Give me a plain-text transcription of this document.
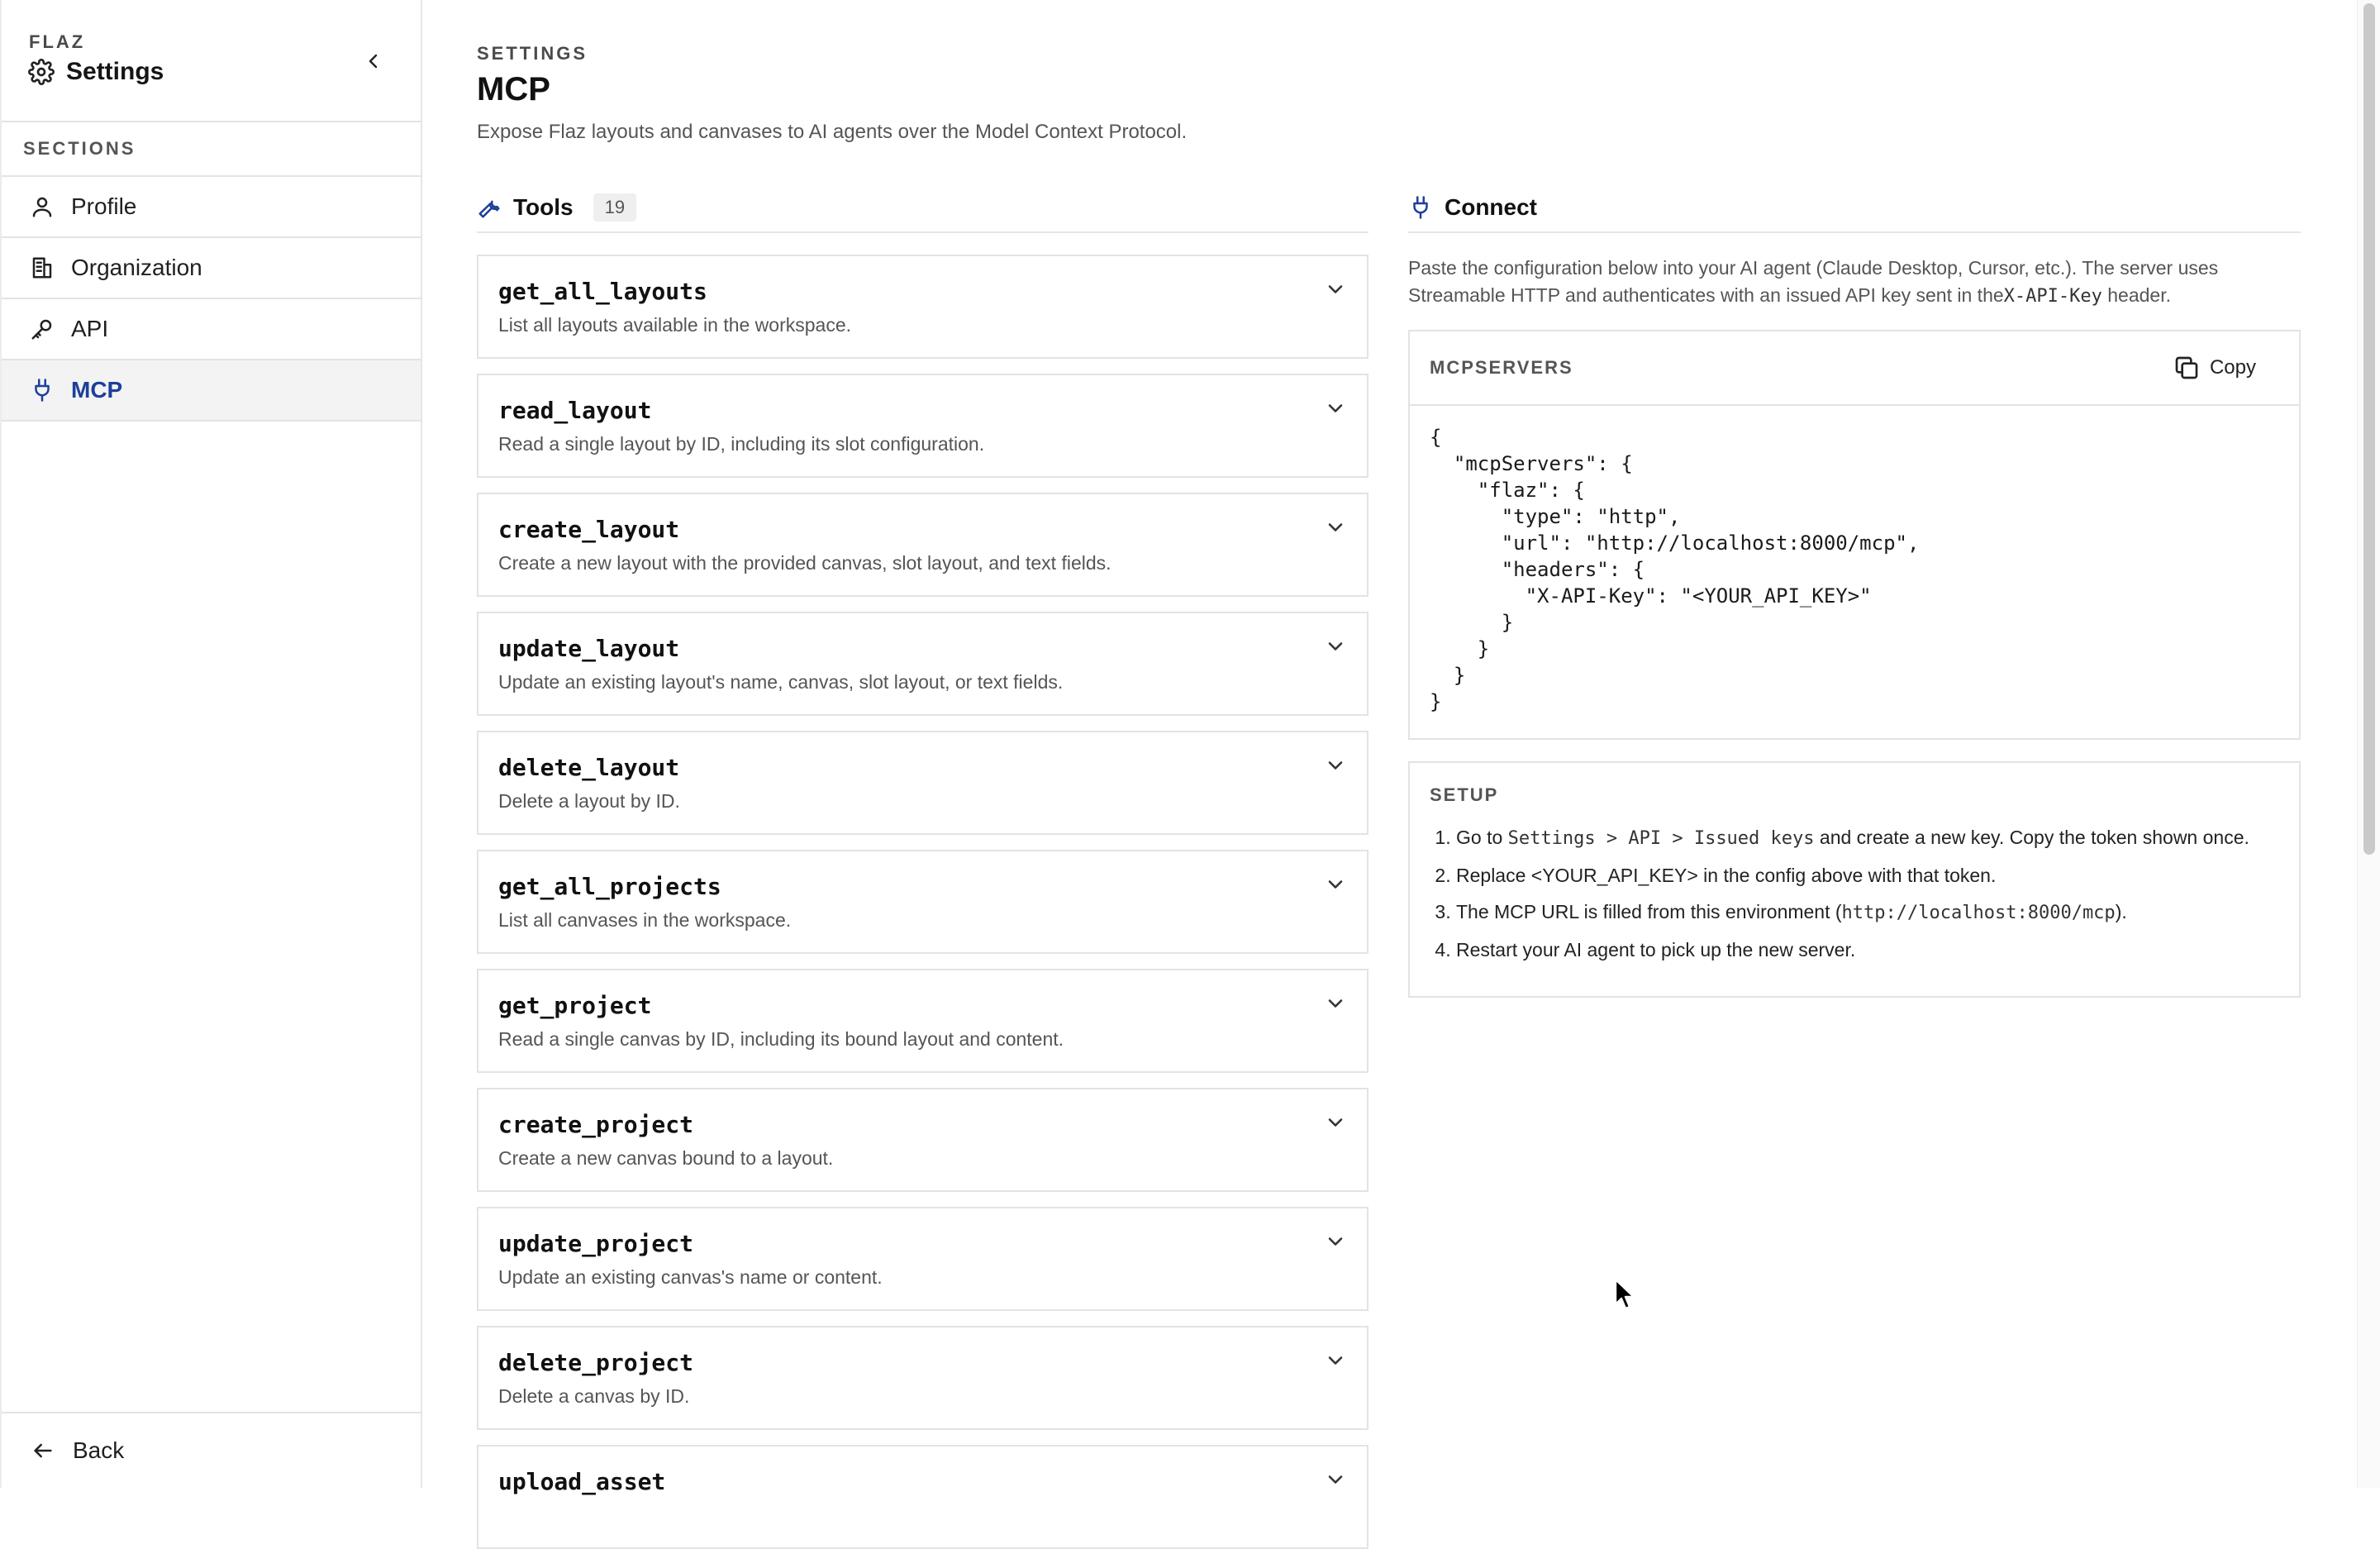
FLAZ
Settings
SECTIONS
Profile
Organization
API
MCP
Back
SETTINGS
MCP

Expose Flaz layouts and canvases to AI agents over the Model Context Protocol.

Tools	19
get_all_layouts
List all layouts available in the workspace.
read_layout
Read a single layout by ID, including its slot configuration.
create_layout
Create a new layout with the provided canvas, slot layout, and text fields.
update_layout
Update an existing layout's name, canvas, slot layout, or text fields.
delete_layout
Delete a layout by ID.
get_all_projects
List all canvases in the workspace.
get_project
Read a single canvas by ID, including its bound layout and content.
create_project
Create a new canvas bound to a layout.
update_project
Update an existing canvas's name or content.
delete_project
Delete a canvas by ID.
upload_asset
Connect

Paste the configuration below into your AI agent (Claude Desktop, Cursor, etc.). The server uses Streamable HTTP and authenticates with an issued API key sent in theX-API-Key header.

MCPSERVERS	Copy
{
"mcpServers": {
"flaz": {
"type": "http",
"url": "http://localhost:8000/mcp",
"headers": {
"X-API-Key": "<YOUR_API_KEY>"
}
}
}
}
SETUP
1. Go to Settings > API > Issued keys and create a new key. Copy the token shown once.
2. Replace <YOUR_API_KEY> in the config above with that token.
3. The MCP URL is filled from this environment (http://localhost:8000/mcp).
4. Restart your AI agent to pick up the new server.
